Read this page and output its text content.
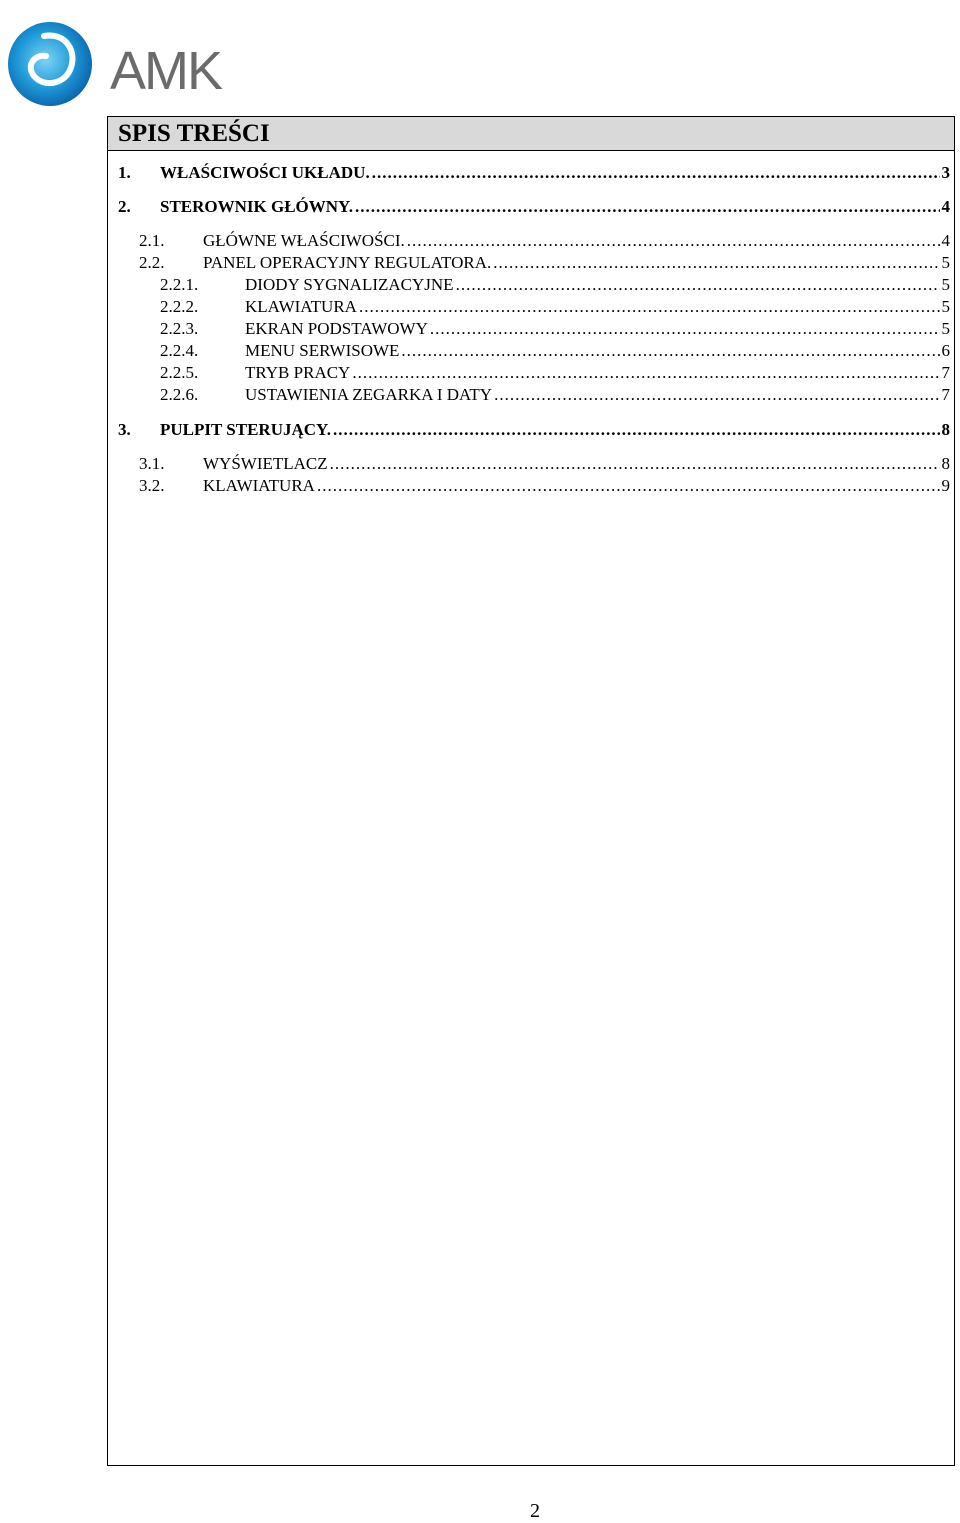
AMK
SPIS TREŚCI
1.	WŁAŚCIWOŚCI UKŁADU. .....	3
2.	STEROWNIK GŁÓWNY. .....	4
2.1.	GŁÓWNE WŁAŚCIWOŚCI. .....	4
2.2.	PANEL OPERACYJNY REGULATORA. .....	5
2.2.1.	DIODY SYGNALIZACYJNE .....	5
2.2.2.	KLAWIATURA .....	5
2.2.3.	EKRAN PODSTAWOWY .....	5
2.2.4.	MENU SERWISOWE .....	6
2.2.5.	TRYB PRACY .....	7
2.2.6.	USTAWIENIA ZEGARKA I DATY .....	7
3.	PULPIT STERUJĄCY. .....	8
3.1.	WYŚWIETLACZ .....	8
3.2.	KLAWIATURA .....	9
2
